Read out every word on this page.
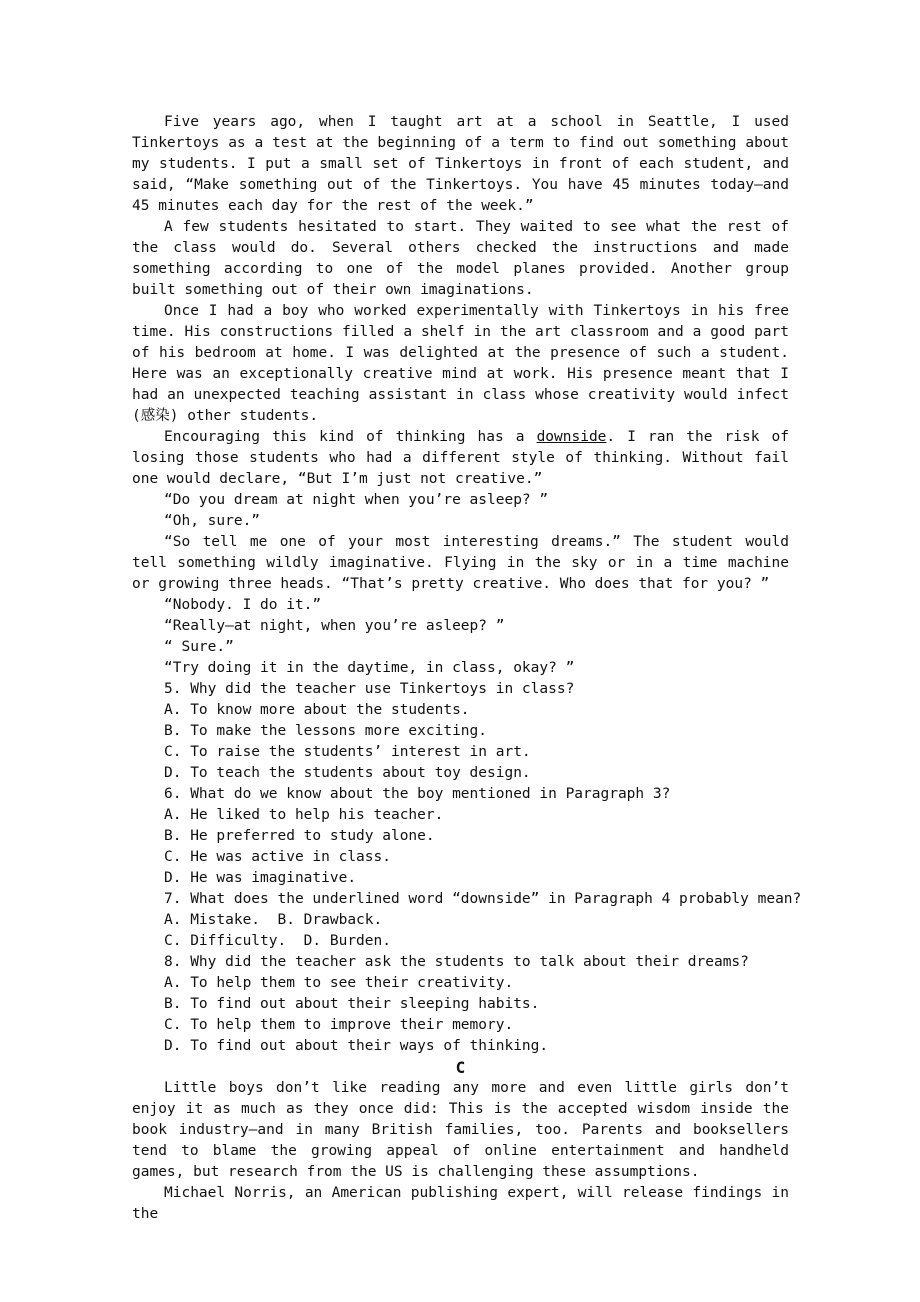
Five years ago, when I taught art at a school in Seattle, I used Tinkertoys as a test at the beginning of a term to find out something about my students. I put a small set of Tinkertoys in front of each student, and said, “Make something out of the Tinkertoys. You have 45 minutes today—and 45 minutes each day for the rest of the week.”

A few students hesitated to start. They waited to see what the rest of the class would do. Several others checked the instructions and made something according to one of the model planes provided. Another group built something out of their own imaginations.

Once I had a boy who worked experimentally with Tinkertoys in his free time. His constructions filled a shelf in the art classroom and a good part of his bedroom at home. I was delighted at the presence of such a student. Here was an exceptionally creative mind at work. His presence meant that I had an unexpected teaching assistant in class whose creativity would infect (感染) other students.

Encouraging this kind of thinking has a downside. I ran the risk of losing those students who had a different style of thinking. Without fail one would declare, “But I’m just not creative.”

“Do you dream at night when you’re asleep? ”

“Oh, sure.”

“So tell me one of your most interesting dreams.” The student would tell something wildly imaginative. Flying in the sky or in a time machine or growing three heads. “That’s pretty creative. Who does that for you? ”

“Nobody. I do it.”

“Really—at night, when you’re asleep? ”

“ Sure.”

“Try doing it in the daytime, in class, okay? ”

5. Why did the teacher use Tinkertoys in class?

A. To know more about the students.

B. To make the lessons more exciting.

C. To raise the students’ interest in art.

D. To teach the students about toy design.

6. What do we know about the boy mentioned in Paragraph 3?

A. He liked to help his teacher.

B. He preferred to study alone.

C. He was active in class.

D. He was imaginative.

7. What does the underlined word “downside” in Paragraph 4 probably mean?

A. Mistake.  B. Drawback.

C. Difficulty.  D. Burden.

8. Why did the teacher ask the students to talk about their dreams?

A. To help them to see their creativity.

B. To find out about their sleeping habits.

C. To help them to improve their memory.

D. To find out about their ways of thinking.

C

Little boys don’t like reading any more and even little girls don’t enjoy it as much as they once did: This is the accepted wisdom inside the book industry—and in many British families, too. Parents and booksellers tend to blame the growing appeal of online entertainment and handheld games, but research from the US is challenging these assumptions.

Michael Norris, an American publishing expert, will release findings in the
